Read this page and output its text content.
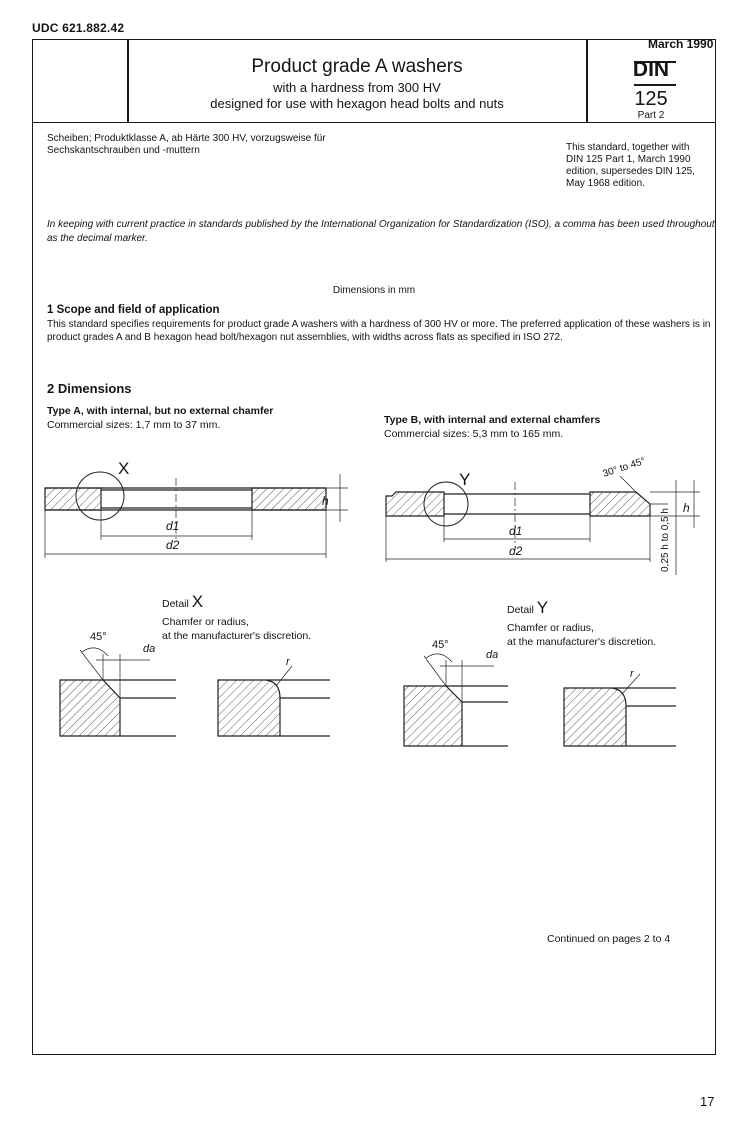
UDC 621.882.42
March 1990
Product grade A washers
with a hardness from 300 HV
designed for use with hexagon head bolts and nuts
DIN
125
Part 2
Scheiben; Produktklasse A, ab Härte 300 HV, vorzugsweise für Sechskantschrauben und -muttern	This standard, together with DIN 125 Part 1, March 1990 edition, supersedes DIN 125, May 1968 edition.
In keeping with current practice in standards published by the International Organization for Standardization (ISO), a comma has been used throughout as the decimal marker.
Dimensions in mm
1 Scope and field of application
This standard specifies requirements for product grade A washers with a hardness of 300 HV or more. The preferred application of these washers is in product grades A and B hexagon head bolt/hexagon nut assemblies, with widths across flats as specified in ISO 272.
2 Dimensions
Type A, with internal, but no external chamfer
Commercial sizes: 1,7 mm to 37 mm.	Type B, with internal and external chamfers
Commercial sizes: 5,3 mm to 165 mm.
X
d1
d2
h
Y
d1
d2
h
30° to 45°
0,25 h to 0,5 h
45°
da
r
45°
da
r
Detail X
Chamfer or radius,
at the manufacturer's discretion.
Detail Y
Chamfer or radius,
at the manufacturer's discretion.
Continued on pages 2 to 4
17
